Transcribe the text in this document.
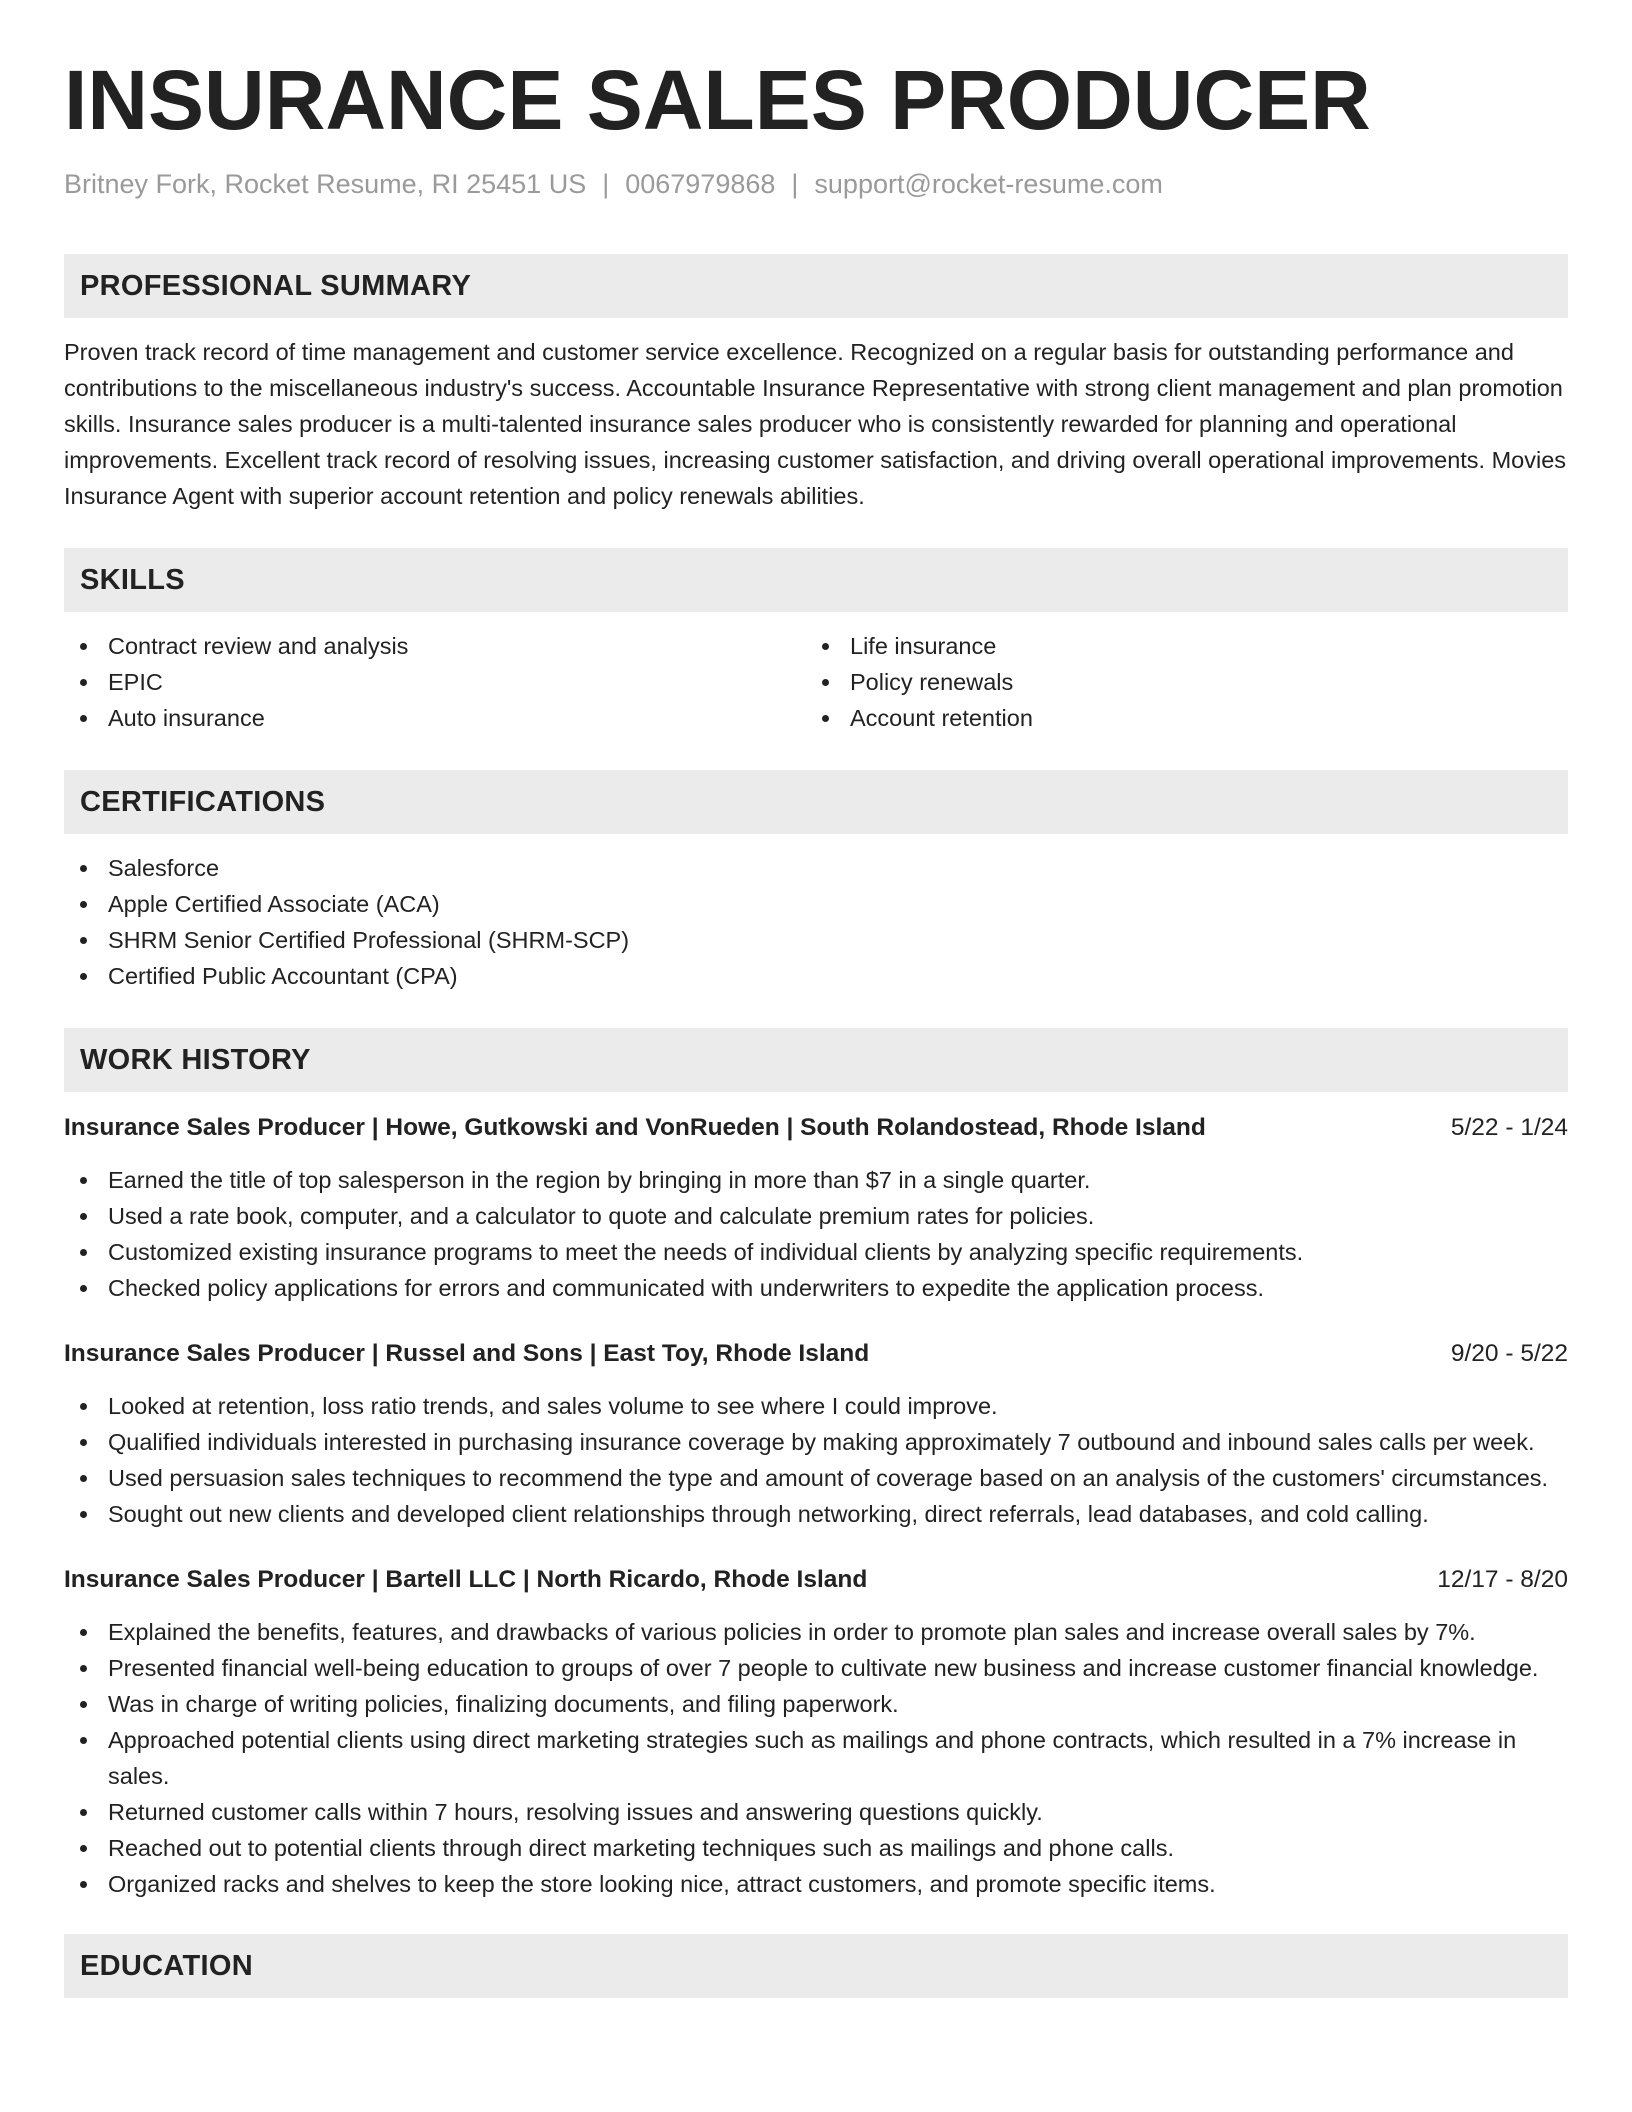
INSURANCE SALES PRODUCER
Britney Fork, Rocket Resume, RI 25451 US | 0067979868 | support@rocket-resume.com
PROFESSIONAL SUMMARY

Proven track record of time management and customer service excellence. Recognized on a regular basis for outstanding performance and contributions to the miscellaneous industry's success. Accountable Insurance Representative with strong client management and plan promotion skills. Insurance sales producer is a multi-talented insurance sales producer who is consistently rewarded for planning and operational improvements. Excellent track record of resolving issues, increasing customer satisfaction, and driving overall operational improvements. Movies Insurance Agent with superior account retention and policy renewals abilities.

SKILLS
Contract review and analysis
EPIC
Auto insurance
Life insurance
Policy renewals
Account retention
CERTIFICATIONS
Salesforce
Apple Certified Associate (ACA)
SHRM Senior Certified Professional (SHRM-SCP)
Certified Public Accountant (CPA)
WORK HISTORY
Insurance Sales Producer | Howe, Gutkowski and VonRueden | South Rolandostead, Rhode Island	5/22 - 1/24
Earned the title of top salesperson in the region by bringing in more than $7 in a single quarter.
Used a rate book, computer, and a calculator to quote and calculate premium rates for policies.
Customized existing insurance programs to meet the needs of individual clients by analyzing specific requirements.
Checked policy applications for errors and communicated with underwriters to expedite the application process.
Insurance Sales Producer | Russel and Sons | East Toy, Rhode Island	9/20 - 5/22
Looked at retention, loss ratio trends, and sales volume to see where I could improve.
Qualified individuals interested in purchasing insurance coverage by making approximately 7 outbound and inbound sales calls per week.
Used persuasion sales techniques to recommend the type and amount of coverage based on an analysis of the customers' circumstances.
Sought out new clients and developed client relationships through networking, direct referrals, lead databases, and cold calling.
Insurance Sales Producer | Bartell LLC | North Ricardo, Rhode Island	12/17 - 8/20
Explained the benefits, features, and drawbacks of various policies in order to promote plan sales and increase overall sales by 7%.
Presented financial well-being education to groups of over 7 people to cultivate new business and increase customer financial knowledge.
Was in charge of writing policies, finalizing documents, and filing paperwork.
Approached potential clients using direct marketing strategies such as mailings and phone contracts, which resulted in a 7% increase in sales.
Returned customer calls within 7 hours, resolving issues and answering questions quickly.
Reached out to potential clients through direct marketing techniques such as mailings and phone calls.
Organized racks and shelves to keep the store looking nice, attract customers, and promote specific items.
EDUCATION
